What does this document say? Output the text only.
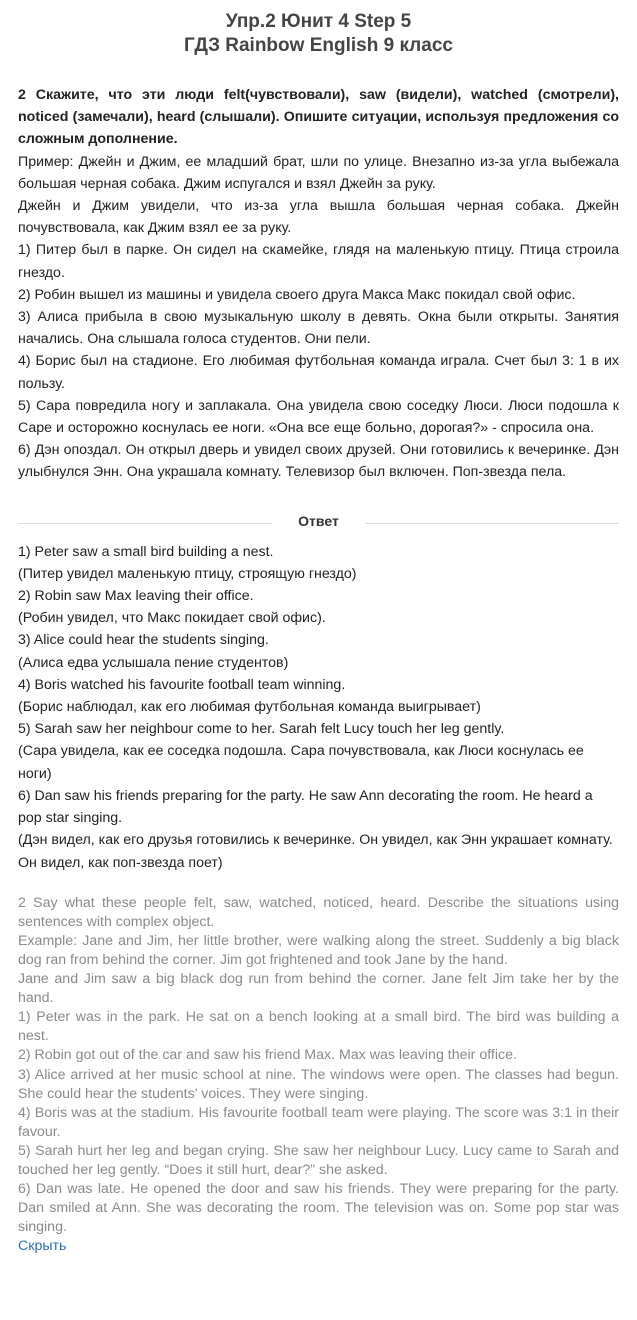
Упр.2 Юнит 4 Step 5
ГДЗ Rainbow English 9 класс

2 Скажите, что эти люди felt(чувствовали), saw (видели), watched (смотрели), noticed (замечали), heard (слышали). Опишите ситуации, используя предложения со сложным дополнение.

Пример: Джейн и Джим, ее младший брат, шли по улице. Внезапно из-за угла выбежала большая черная собака. Джим испугался и взял Джейн за руку.

Джейн и Джим увидели, что из-за угла вышла большая черная собака. Джейн почувствовала, как Джим взял ее за руку.

1) Питер был в парке. Он сидел на скамейке, глядя на маленькую птицу. Птица строила гнездо.

2) Робин вышел из машины и увидела своего друга Макса Макс покидал свой офис.

3) Алиса прибыла в свою музыкальную школу в девять. Окна были открыты. Занятия начались. Она слышала голоса студентов. Они пели.

4) Борис был на стадионе. Его любимая футбольная команда играла. Счет был 3: 1 в их пользу.

5) Сара повредила ногу и заплакала. Она увидела свою соседку Люси. Люси подошла к Саре и осторожно коснулась ее ноги. «Она все еще больно, дорогая?» - спросила она.

6) Дэн опоздал. Он открыл дверь и увидел своих друзей. Они готовились к вечеринке. Дэн улыбнулся Энн. Она украшала комнату. Телевизор был включен. Поп-звезда пела.

Ответ

1) Peter saw a small bird building a nest.

(Питер увидел маленькую птицу, строящую гнездо)

2) Robin saw Max leaving their office.

(Робин увидел, что Макс покидает свой офис).

3) Alice could hear the students singing.

(Алиса едва услышала пение студентов)

4) Boris watched his favourite football team winning.

(Борис наблюдал, как его любимая футбольная команда выигрывает)

5) Sarah saw her neighbour come to her. Sarah felt Lucy touch her leg gently.

(Сара увидела, как ее соседка подошла. Сара почувствовала, как Люси коснулась ее ноги)

6) Dan saw his friends preparing for the party. He saw Ann decorating the room. He heard a pop star singing.

(Дэн видел, как его друзья готовились к вечеринке. Он увидел, как Энн украшает комнату. Он видел, как поп-звезда поет)

2 Say what these people felt, saw, watched, noticed, heard. Describe the situations using sentences with complex object.

Example: Jane and Jim, her little brother, were walking along the street. Suddenly a big black dog ran from behind the corner. Jim got frightened and took Jane by the hand.

Jane and Jim saw a big black dog run from behind the corner. Jane felt Jim take her by the hand.

1) Peter was in the park. He sat on a bench looking at a small bird. The bird was building a nest.

2) Robin got out of the car and saw his friend Max. Max was leaving their office.

3) Alice arrived at her music school at nine. The windows were open. The classes had begun. She could hear the students’ voices. They were singing.

4) Boris was at the stadium. His favourite football team were playing. The score was 3:1 in their favour.

5) Sarah hurt her leg and began crying. She saw her neighbour Lucy. Lucy came to Sarah and touched her leg gently. “Does it still hurt, dear?” she asked.

6) Dan was late. He opened the door and saw his friends. They were preparing for the party. Dan smiled at Ann. She was decorating the room. The television was on. Some pop star was singing.

Скрыть
